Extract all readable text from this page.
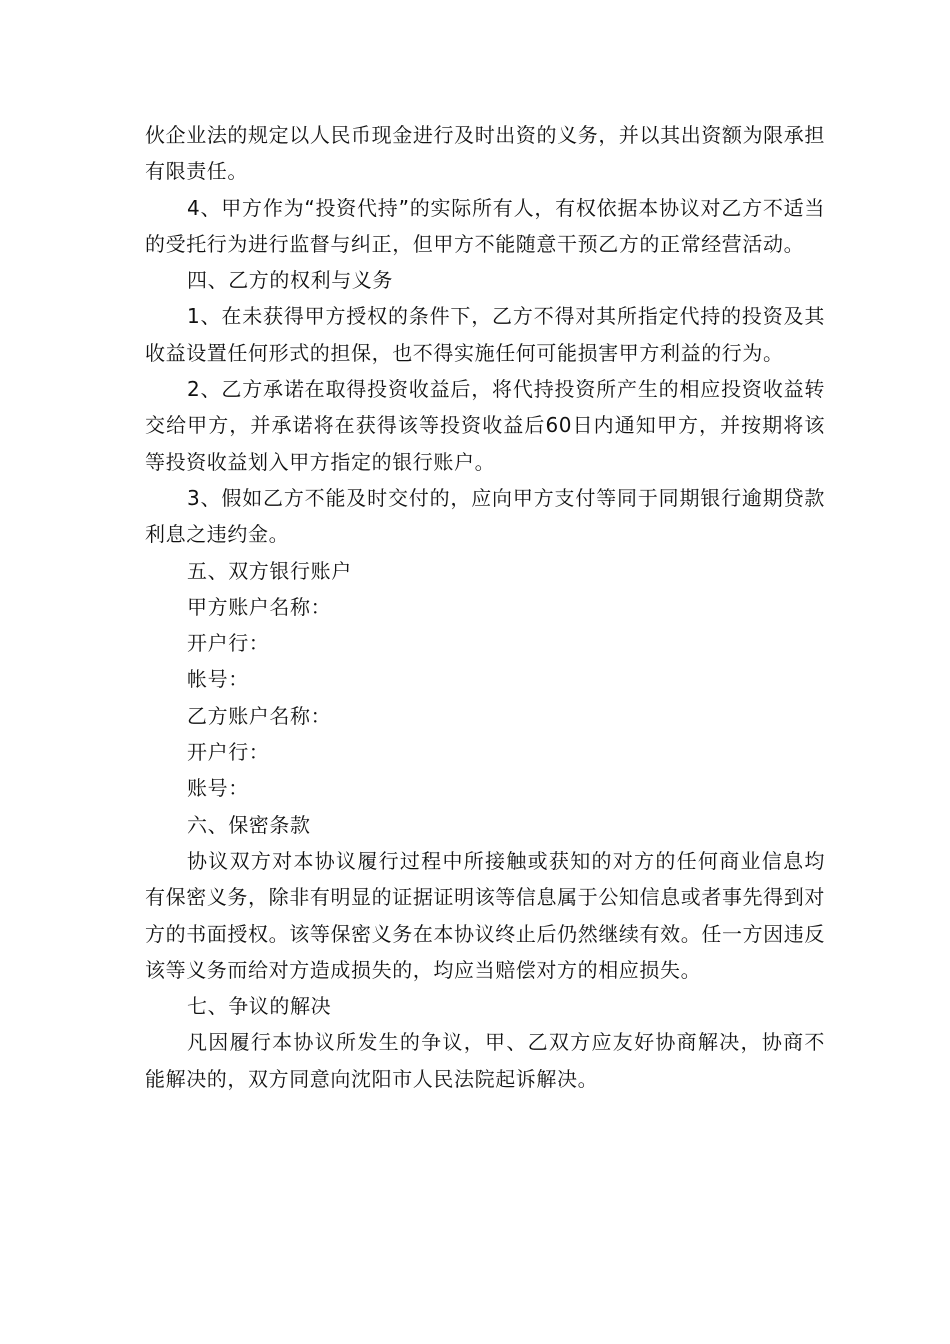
伙企业法的规定以人民币现金进行及时出资的义务，并以其出资额为限承担有限责任。

4、甲方作为“投资代持”的实际所有人，有权依据本协议对乙方不适当的受托行为进行监督与纠正，但甲方不能随意干预乙方的正常经营活动。

四、乙方的权利与义务

1、在未获得甲方授权的条件下，乙方不得对其所指定代持的投资及其收益设置任何形式的担保，也不得实施任何可能损害甲方利益的行为。

2、乙方承诺在取得投资收益后，将代持投资所产生的相应投资收益转交给甲方，并承诺将在获得该等投资收益后60日内通知甲方，并按期将该等投资收益划入甲方指定的银行账户。

3、假如乙方不能及时交付的，应向甲方支付等同于同期银行逾期贷款利息之违约金。

五、双方银行账户

甲方账户名称：

开户行：

帐号：

乙方账户名称：

开户行：

账号：

六、保密条款

协议双方对本协议履行过程中所接触或获知的对方的任何商业信息均有保密义务，除非有明显的证据证明该等信息属于公知信息或者事先得到对方的书面授权。该等保密义务在本协议终止后仍然继续有效。任一方因违反该等义务而给对方造成损失的，均应当赔偿对方的相应损失。

七、争议的解决

凡因履行本协议所发生的争议，甲、乙双方应友好协商解决，协商不能解决的，双方同意向沈阳市人民法院起诉解决。
